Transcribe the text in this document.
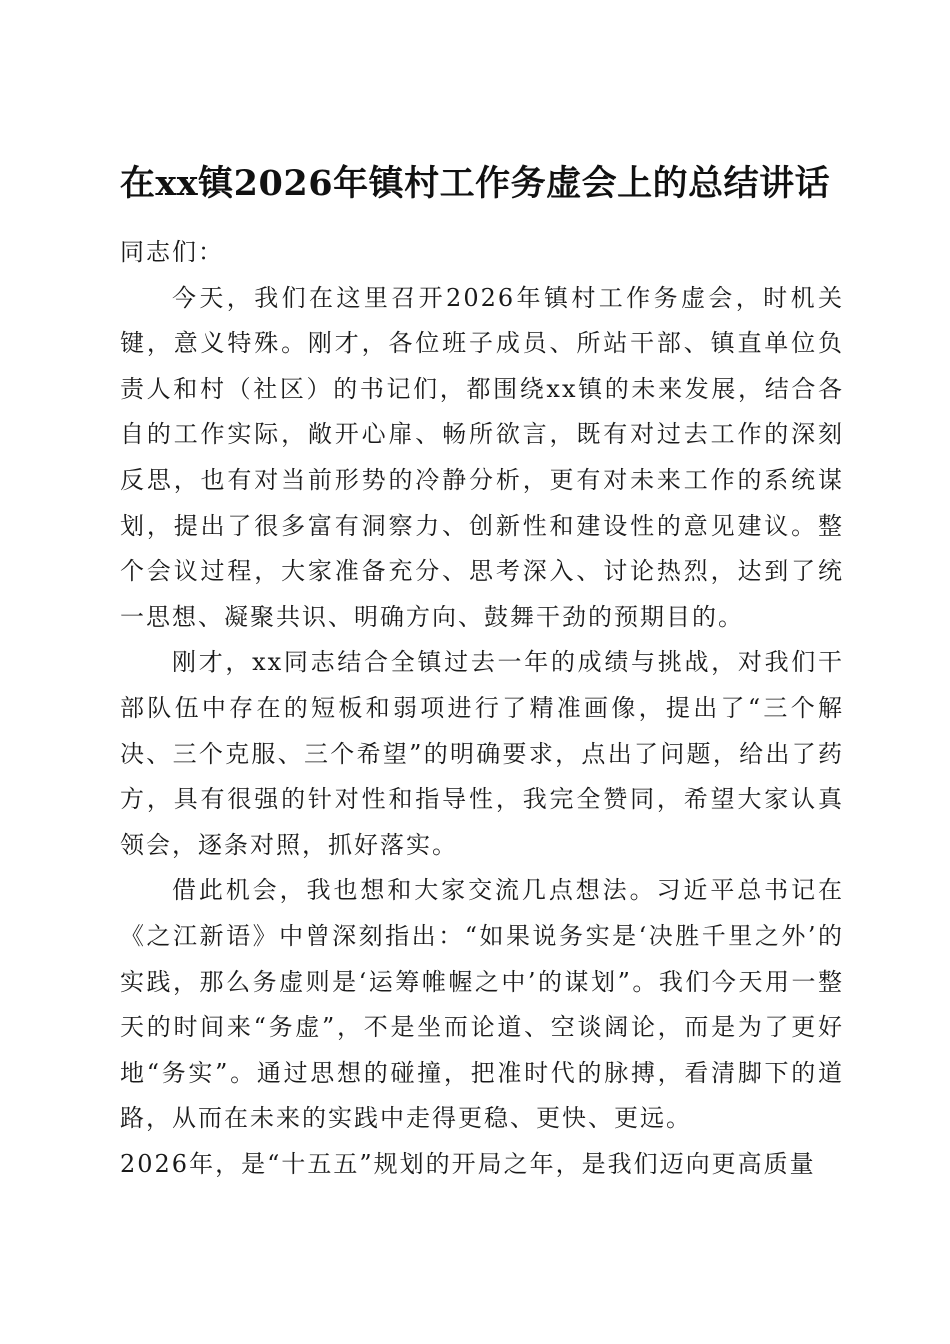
在xx镇2026年镇村工作务虚会上的总结讲话

同志们：

今天，我们在这里召开2026年镇村工作务虚会，时机关键，意义特殊。刚才，各位班子成员、所站干部、镇直单位负责人和村（社区）的书记们，都围绕xx镇的未来发展，结合各自的工作实际，敞开心扉、畅所欲言，既有对过去工作的深刻反思，也有对当前形势的冷静分析，更有对未来工作的系统谋划，提出了很多富有洞察力、创新性和建设性的意见建议。整个会议过程，大家准备充分、思考深入、讨论热烈，达到了统一思想、凝聚共识、明确方向、鼓舞干劲的预期目的。

刚才，xx同志结合全镇过去一年的成绩与挑战，对我们干部队伍中存在的短板和弱项进行了精准画像，提出了“三个解决、三个克服、三个希望”的明确要求，点出了问题，给出了药方，具有很强的针对性和指导性，我完全赞同，希望大家认真领会，逐条对照，抓好落实。

借此机会，我也想和大家交流几点想法。习近平总书记在《之江新语》中曾深刻指出：“如果说务实是‘决胜千里之外’的实践，那么务虚则是‘运筹帷幄之中’的谋划”。我们今天用一整天的时间来“务虚”，不是坐而论道、空谈阔论，而是为了更好地“务实”。通过思想的碰撞，把准时代的脉搏，看清脚下的道路，从而在未来的实践中走得更稳、更快、更远。

2026年，是“十五五”规划的开局之年，是我们迈向更高质量
